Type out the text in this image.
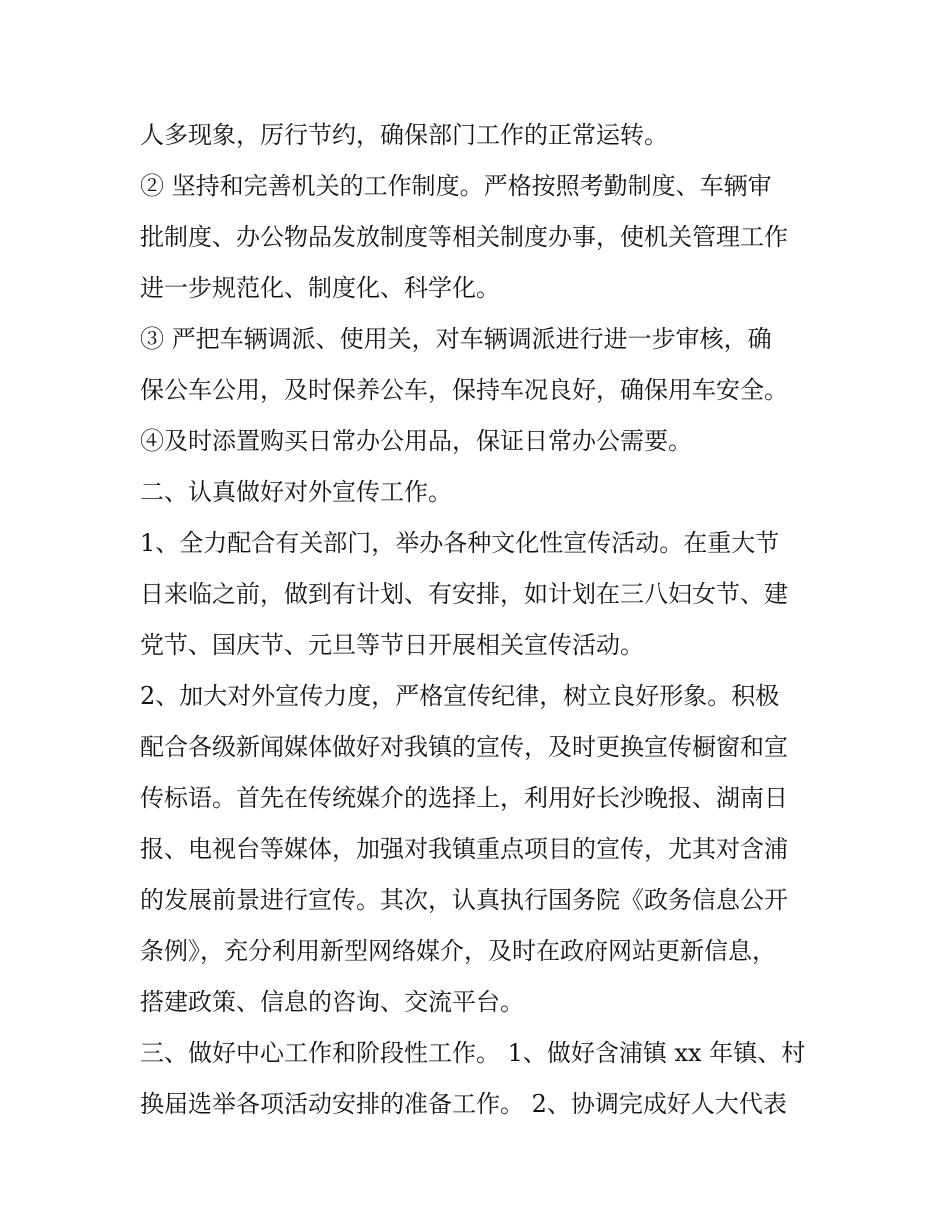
人多现象，厉行节约，确保部门工作的正常运转。
② 坚持和完善机关的工作制度。严格按照考勤制度、车辆审
批制度、办公物品发放制度等相关制度办事，使机关管理工作
进一步规范化、制度化、科学化。
③ 严把车辆调派、使用关，对车辆调派进行进一步审核，确
保公车公用，及时保养公车，保持车况良好，确保用车安全。
④及时添置购买日常办公用品，保证日常办公需要。
二、认真做好对外宣传工作。
1、全力配合有关部门，举办各种文化性宣传活动。在重大节
日来临之前，做到有计划、有安排，如计划在三八妇女节、建
党节、国庆节、元旦等节日开展相关宣传活动。
2、加大对外宣传力度，严格宣传纪律，树立良好形象。积极
配合各级新闻媒体做好对我镇的宣传，及时更换宣传橱窗和宣
传标语。首先在传统媒介的选择上，利用好长沙晚报、湖南日
报、电视台等媒体，加强对我镇重点项目的宣传，尤其对含浦
的发展前景进行宣传。其次，认真执行国务院《政务信息公开
条例》，充分利用新型网络媒介，及时在政府网站更新信息，
搭建政策、信息的咨询、交流平台。
三、做好中心工作和阶段性工作。 1、做好含浦镇 xx 年镇、村
换届选举各项活动安排的准备工作。 2、协调完成好人大代表
